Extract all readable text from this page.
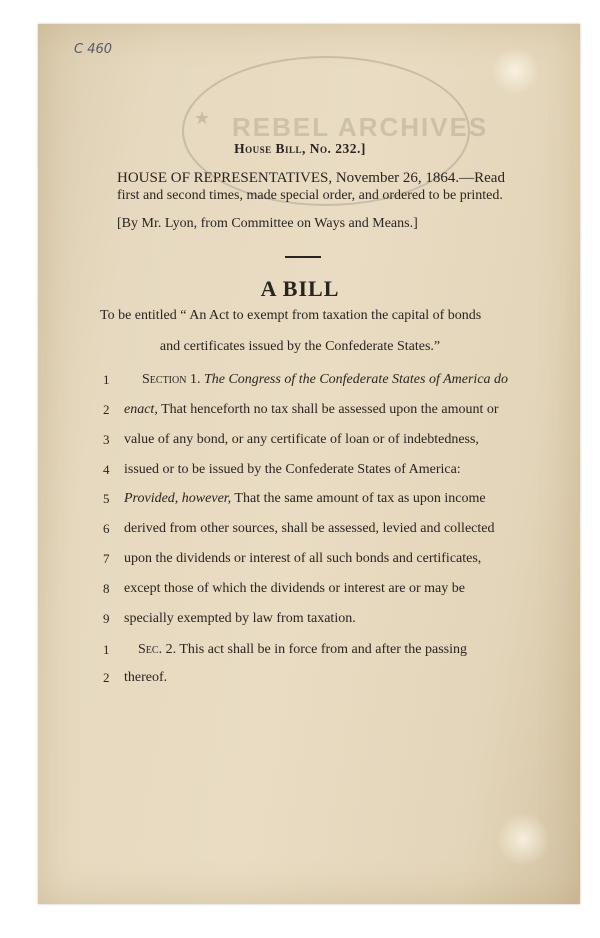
C 460
★ REBEL ARCHIVES
House Bill, No. 232.]
HOUSE OF REPRESENTATIVES, November 26, 1864.—Read
first and second times, made special order, and ordered to be printed.
[By Mr. Lyon, from Committee on Ways and Means.]
A BILL
To be entitled “ An Act to exempt from taxation the capital of bonds
and certificates issued by the Confederate States.”
1
2
3
4
5
6
7
8
9
Section 1. The Congress of the Confederate States of America do
enact, That henceforth no tax shall be assessed upon the amount or
value of any bond, or any certificate of loan or of indebtedness,
issued or to be issued by the Confederate States of America:
Provided, however, That the same amount of tax as upon income
derived from other sources, shall be assessed, levied and collected
upon the dividends or interest of all such bonds and certificates,
except those of which the dividends or interest are or may be
specially exempted by law from taxation.
1
2
Sec. 2. This act shall be in force from and after the passing
thereof.
